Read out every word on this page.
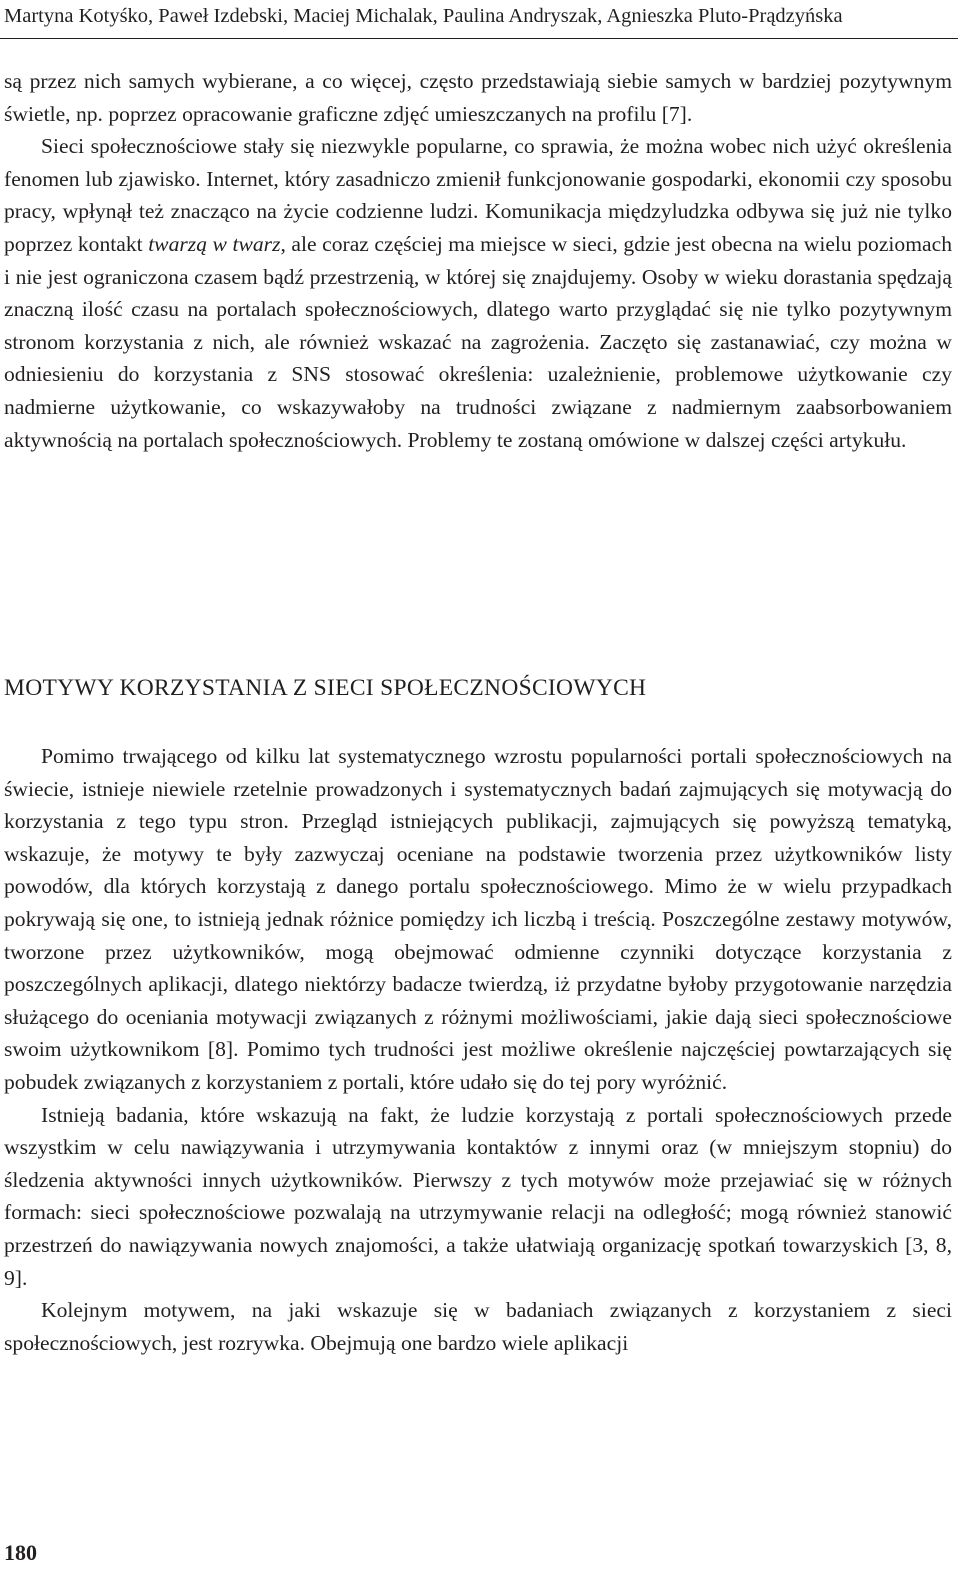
Martyna Kotyśko, Paweł Izdebski, Maciej Michalak, Paulina Andryszak, Agnieszka Pluto-Prądzyńska

są przez nich samych wybierane, a co więcej, często przedstawiają siebie samych w bardziej pozytywnym świetle, np. poprzez opracowanie graficzne zdjęć umieszczanych na profilu [7].

Sieci społecznościowe stały się niezwykle popularne, co sprawia, że można wobec nich użyć określenia fenomen lub zjawisko. Internet, który zasadniczo zmienił funkcjonowanie gospodarki, ekonomii czy sposobu pracy, wpłynął też znacząco na życie codzienne ludzi. Komunikacja międzyludzka odbywa się już nie tylko poprzez kontakt twarzą w twarz, ale coraz częściej ma miejsce w sieci, gdzie jest obecna na wielu poziomach i nie jest ograniczona czasem bądź przestrzenią, w której się znajdujemy. Osoby w wieku dorastania spędzają znaczną ilość czasu na portalach społecznościowych, dlatego warto przyglądać się nie tylko pozytywnym stronom korzystania z nich, ale również wskazać na zagrożenia. Zaczęto się zastanawiać, czy można w odniesieniu do korzystania z SNS stosować określenia: uzależnienie, problemowe użytkowanie czy nadmierne użytkowanie, co wskazywałoby na trudności związane z nadmiernym zaabsorbowaniem aktywnością na portalach społecznościowych. Problemy te zostaną omówione w dalszej części artykułu.

MOTYWY KORZYSTANIA Z SIECI SPOŁECZNOŚCIOWYCH

Pomimo trwającego od kilku lat systematycznego wzrostu popularności portali społecznościowych na świecie, istnieje niewiele rzetelnie prowadzonych i systematycznych badań zajmujących się motywacją do korzystania z tego typu stron. Przegląd istniejących publikacji, zajmujących się powyższą tematyką, wskazuje, że motywy te były zazwyczaj oceniane na podstawie tworzenia przez użytkowników listy powodów, dla których korzystają z danego portalu społecznościowego. Mimo że w wielu przypadkach pokrywają się one, to istnieją jednak różnice pomiędzy ich liczbą i treścią. Poszczególne zestawy motywów, tworzone przez użytkowników, mogą obejmować odmienne czynniki dotyczące korzystania z poszczególnych aplikacji, dlatego niektórzy badacze twierdzą, iż przydatne byłoby przygotowanie narzędzia służącego do oceniania motywacji związanych z różnymi możliwościami, jakie dają sieci społecznościowe swoim użytkownikom [8]. Pomimo tych trudności jest możliwe określenie najczęściej powtarzających się pobudek związanych z korzystaniem z portali, które udało się do tej pory wyróżnić.

Istnieją badania, które wskazują na fakt, że ludzie korzystają z portali społecznościowych przede wszystkim w celu nawiązywania i utrzymywania kontaktów z innymi oraz (w mniejszym stopniu) do śledzenia aktywności innych użytkowników. Pierwszy z tych motywów może przejawiać się w różnych formach: sieci społecznościowe pozwalają na utrzymywanie relacji na odległość; mogą również stanowić przestrzeń do nawiązywania nowych znajomości, a także ułatwiają organizację spotkań towarzyskich [3, 8, 9].

Kolejnym motywem, na jaki wskazuje się w badaniach związanych z korzystaniem z sieci społecznościowych, jest rozrywka. Obejmują one bardzo wiele aplikacji

180
